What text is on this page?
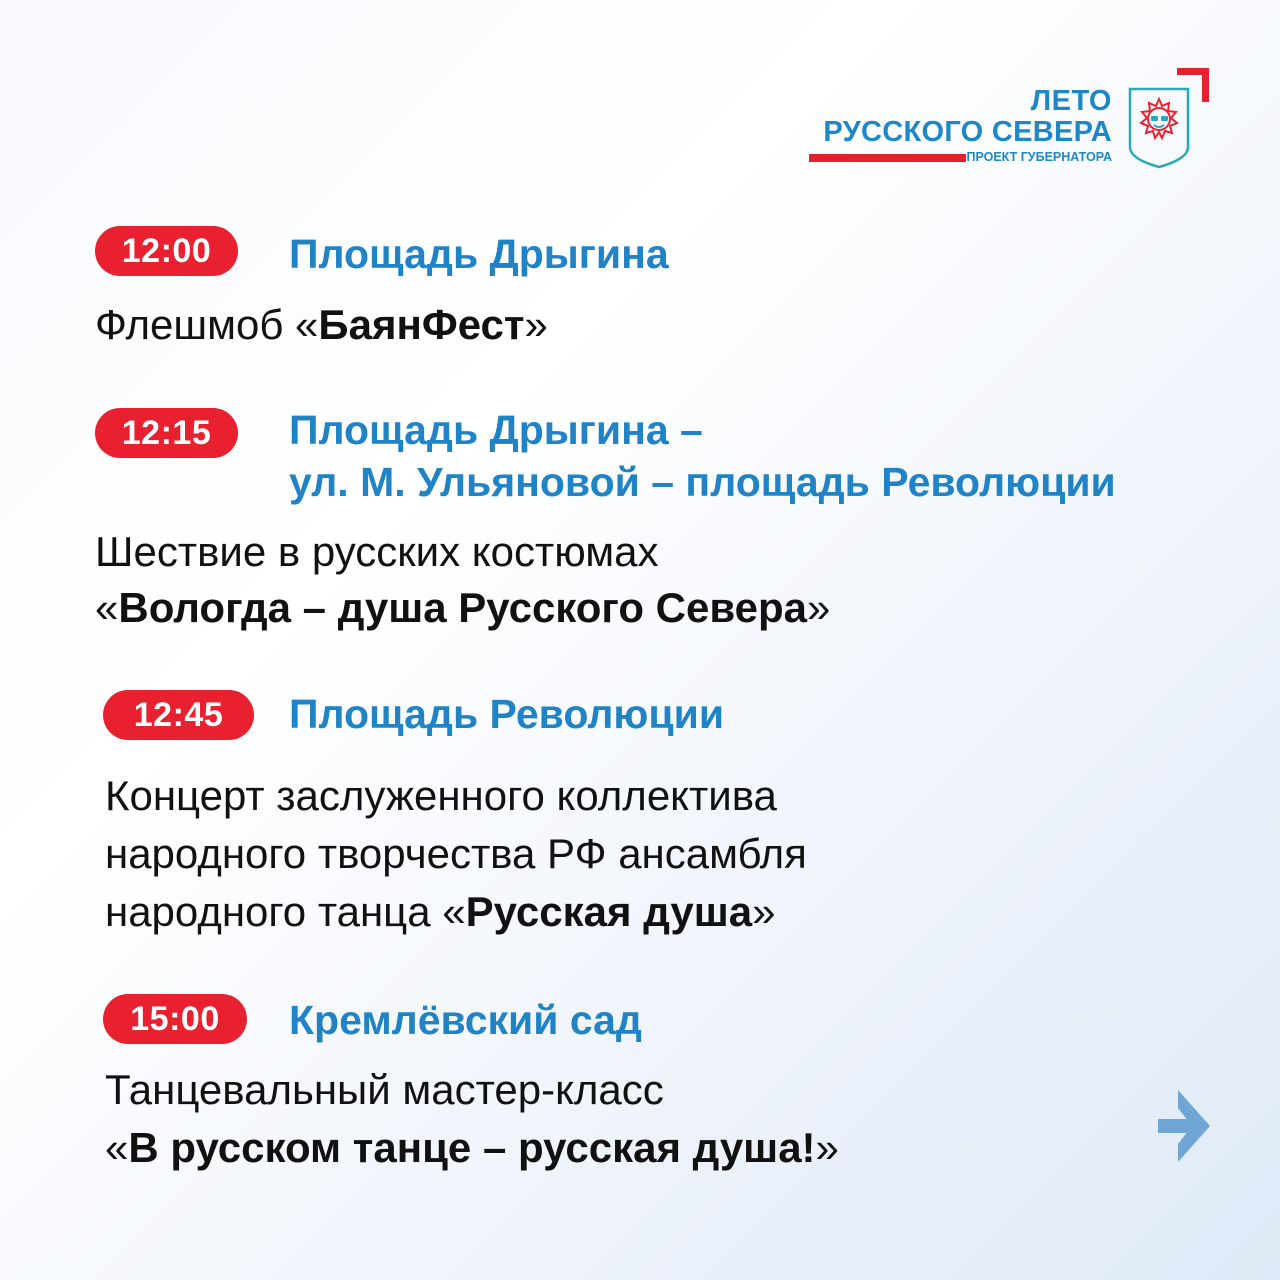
ЛЕТО
РУССКОГО СЕВЕРА
ПРОЕКТ ГУБЕРНАТОРА
12:00	Площадь Дрыгина
Флешмоб «БаянФест»
12:15	Площадь Дрыгина –
ул. М. Ульяновой – площадь Революции
Шествие в русских костюмах
«Вологда – душа Русского Севера»
12:45	Площадь Революции
Концерт заслуженного коллектива
народного творчества РФ ансамбля
народного танца «Русская душа»
15:00	Кремлёвский сад
Танцевальный мастер-класс
«В русском танце – русская душа!»
